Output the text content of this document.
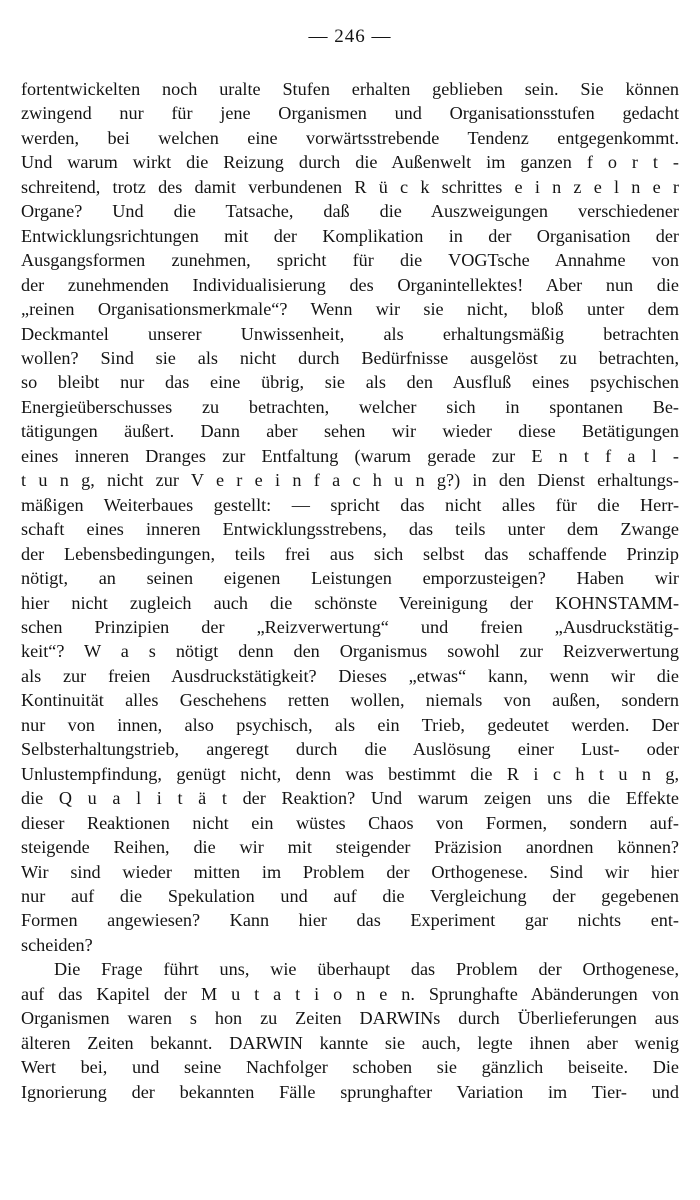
— 246 —
fortentwickelten noch uralte Stufen erhalten geblieben sein. Sie können
zwingend nur für jene Organismen und Organisationsstufen gedacht
werden, bei welchen eine vorwärtsstrebende Tendenz entgegenkommt.
Und warum wirkt die Reizung durch die Außenwelt im ganzen f o r t -
schreitend, trotz des damit verbundenen R ü c k schrittes e i n z e l n e r
Organe? Und die Tatsache, daß die Auszweigungen verschiedener
Entwicklungsrichtungen mit der Komplikation in der Organisation der
Ausgangsformen zunehmen, spricht für die VOGTsche Annahme von
der zunehmenden Individualisierung des Organintellektes! Aber nun die
„reinen Organisationsmerkmale“? Wenn wir sie nicht, bloß unter dem
Deckmantel unserer Unwissenheit, als erhaltungsmäßig betrachten
wollen? Sind sie als nicht durch Bedürfnisse ausgelöst zu betrachten,
so bleibt nur das eine übrig, sie als den Ausfluß eines psychischen
Energieüberschusses zu betrachten, welcher sich in spontanen Be-
tätigungen äußert. Dann aber sehen wir wieder diese Betätigungen
eines inneren Dranges zur Entfaltung (warum gerade zur E n t f a l -
t u n g, nicht zur V e r e i n f a c h u n g?) in den Dienst erhaltungs-
mäßigen Weiterbaues gestellt: — spricht das nicht alles für die Herr-
schaft eines inneren Entwicklungsstrebens, das teils unter dem Zwange
der Lebensbedingungen, teils frei aus sich selbst das schaffende Prinzip
nötigt, an seinen eigenen Leistungen emporzusteigen? Haben wir
hier nicht zugleich auch die schönste Vereinigung der KOHNSTAMM-
schen Prinzipien der „Reizverwertung“ und freien „Ausdruckstätig-
keit“? W a s nötigt denn den Organismus sowohl zur Reizverwertung
als zur freien Ausdruckstätigkeit? Dieses „etwas“ kann, wenn wir die
Kontinuität alles Geschehens retten wollen, niemals von außen, sondern
nur von innen, also psychisch, als ein Trieb, gedeutet werden. Der
Selbsterhaltungstrieb, angeregt durch die Auslösung einer Lust- oder
Unlustempfindung, genügt nicht, denn was bestimmt die R i c h t u n g,
die Q u a l i t ä t der Reaktion? Und warum zeigen uns die Effekte
dieser Reaktionen nicht ein wüstes Chaos von Formen, sondern auf-
steigende Reihen, die wir mit steigender Präzision anordnen können?
Wir sind wieder mitten im Problem der Orthogenese. Sind wir hier
nur auf die Spekulation und auf die Vergleichung der gegebenen
Formen angewiesen? Kann hier das Experiment gar nichts ent-
scheiden?
Die Frage führt uns, wie überhaupt das Problem der Orthogenese,
auf das Kapitel der M u t a t i o n e n. Sprunghafte Abänderungen von
Organismen waren s hon zu Zeiten DARWINs durch Überlieferungen aus
älteren Zeiten bekannt. DARWIN kannte sie auch, legte ihnen aber wenig
Wert bei, und seine Nachfolger schoben sie gänzlich beiseite. Die
Ignorierung der bekannten Fälle sprunghafter Variation im Tier- und
